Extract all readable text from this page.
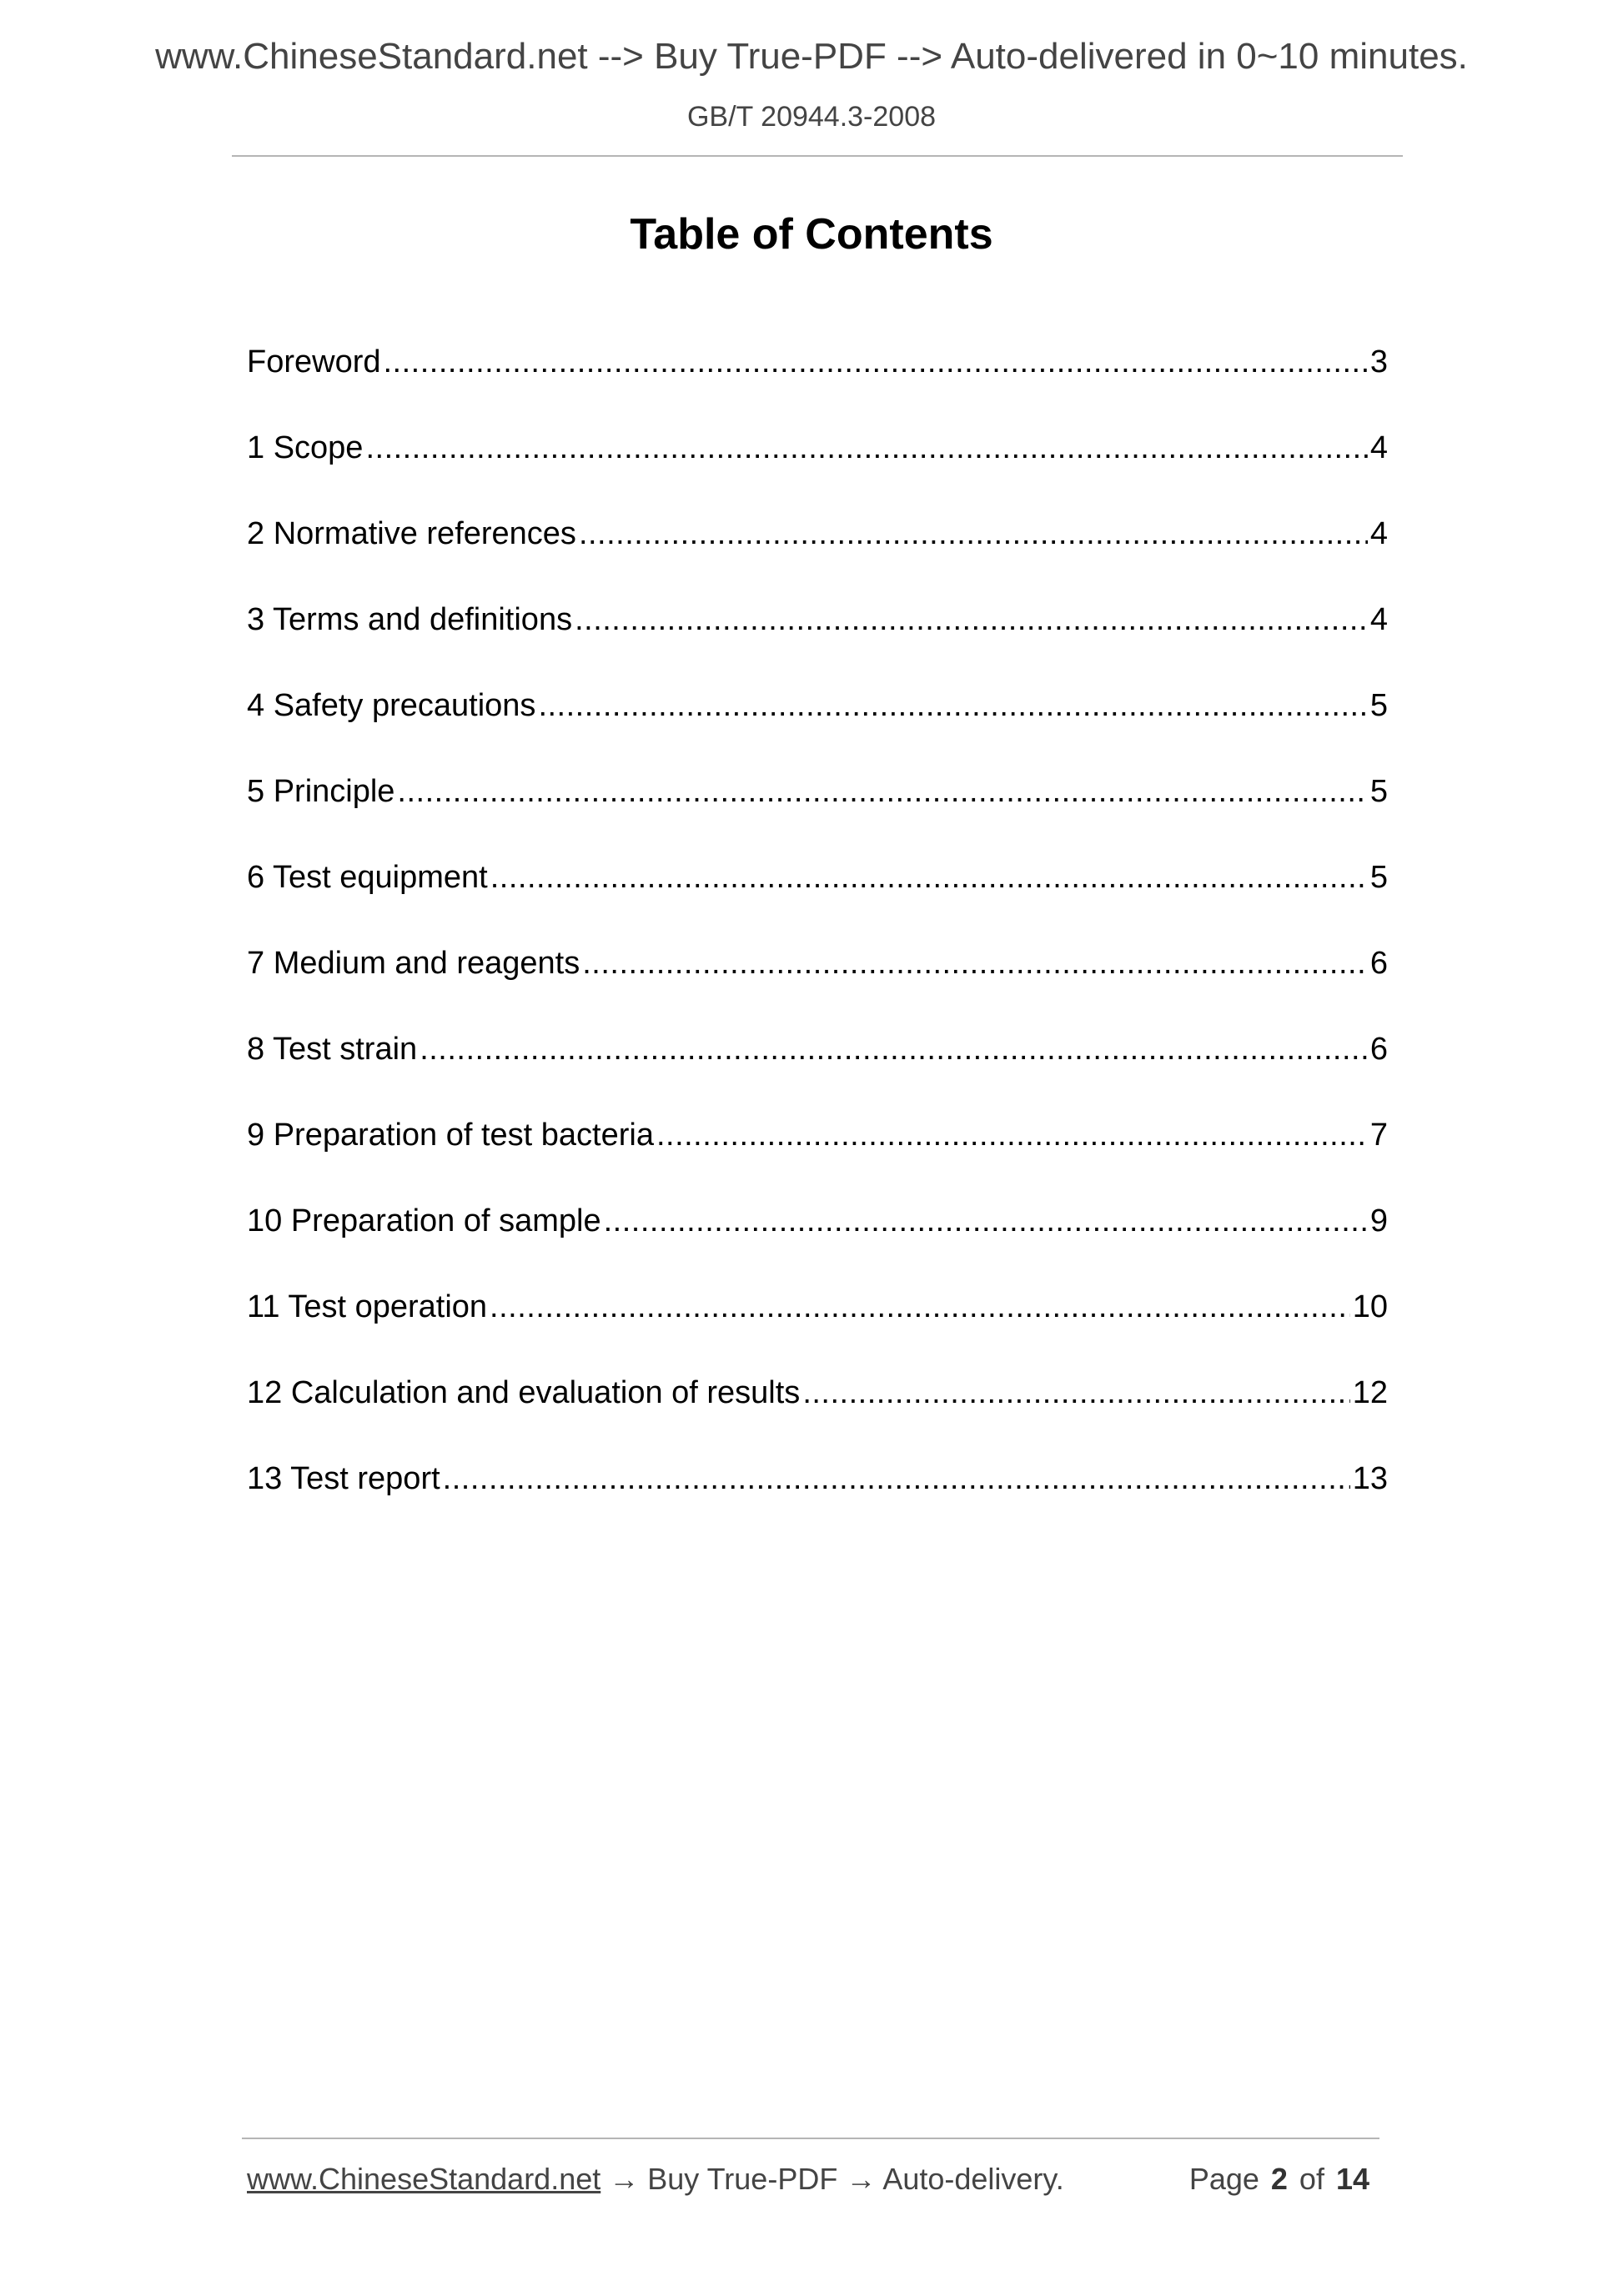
www.ChineseStandard.net --> Buy True-PDF --> Auto-delivered in 0~10 minutes.
GB/T 20944.3-2008
Table of Contents
Foreword .....	3
1 Scope .....	4
2 Normative references .....	4
3 Terms and definitions .....	4
4 Safety precautions .....	5
5 Principle .....	5
6 Test equipment .....	5
7 Medium and reagents .....	6
8 Test strain .....	6
9 Preparation of test bacteria .....	7
10 Preparation of sample .....	9
11 Test operation .....	10
12 Calculation and evaluation of results .....	12
13 Test report .....	13
www.ChineseStandard.net → Buy True-PDF → Auto-delivery.	Page 2 of 14
